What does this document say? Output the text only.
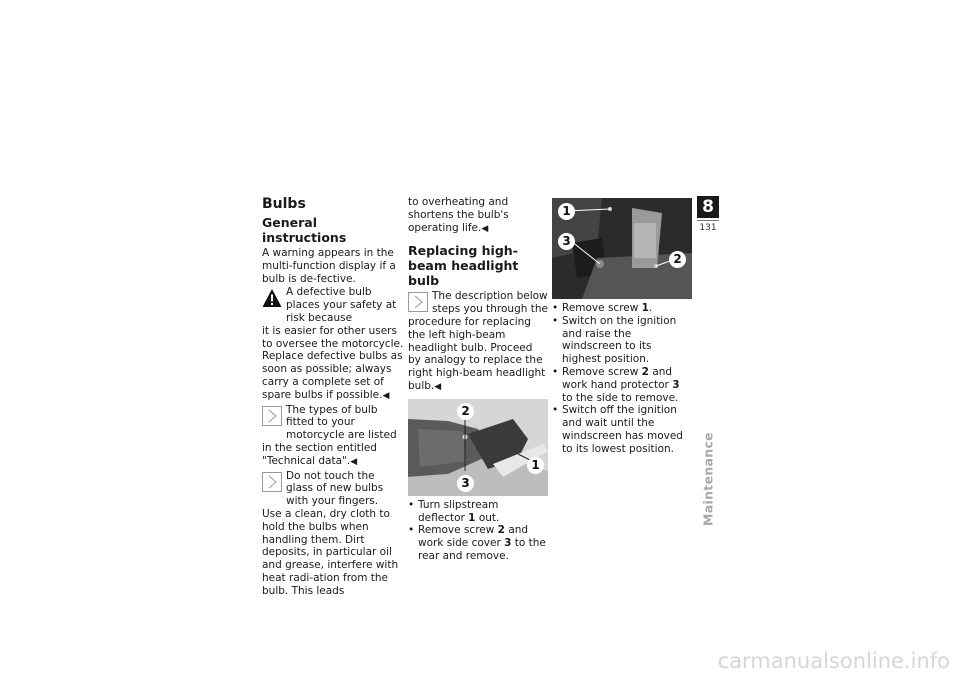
Bulbs
General instructions

A warning appears in the multi-function display if a bulb is de-fective.

A defective bulb places your safety at risk because

it is easier for other users to oversee the motorcycle. Replace defective bulbs as soon as possible; always carry a complete set of spare bulbs if possible.◀

The types of bulb fitted to your motorcycle are listed

in the section entitled "Technical data".◀

Do not touch the glass of new bulbs with your fingers.

Use a clean, dry cloth to hold the bulbs when handling them. Dirt deposits, in particular oil and grease, interfere with heat radi-ation from the bulb. This leads

to overheating and shortens the bulb's operating life.◀

Replacing high-beam headlight bulb

The description below steps you through the

procedure for replacing the left high-beam headlight bulb. Proceed by analogy to replace the right high-beam headlight bulb.◀

2
1
3
• Turn slipstream deflector 1 out.
• Remove screw 2 and work side cover 3 to the rear and remove.
1
3
2
• Remove screw 1.
• Switch on the ignition and raise the windscreen to its highest position.
• Remove screw 2 and work hand protector 3 to the side to remove.
• Switch off the ignition and wait until the windscreen has moved to its lowest position.
8
131
Maintenance
carmanualsonline.info
